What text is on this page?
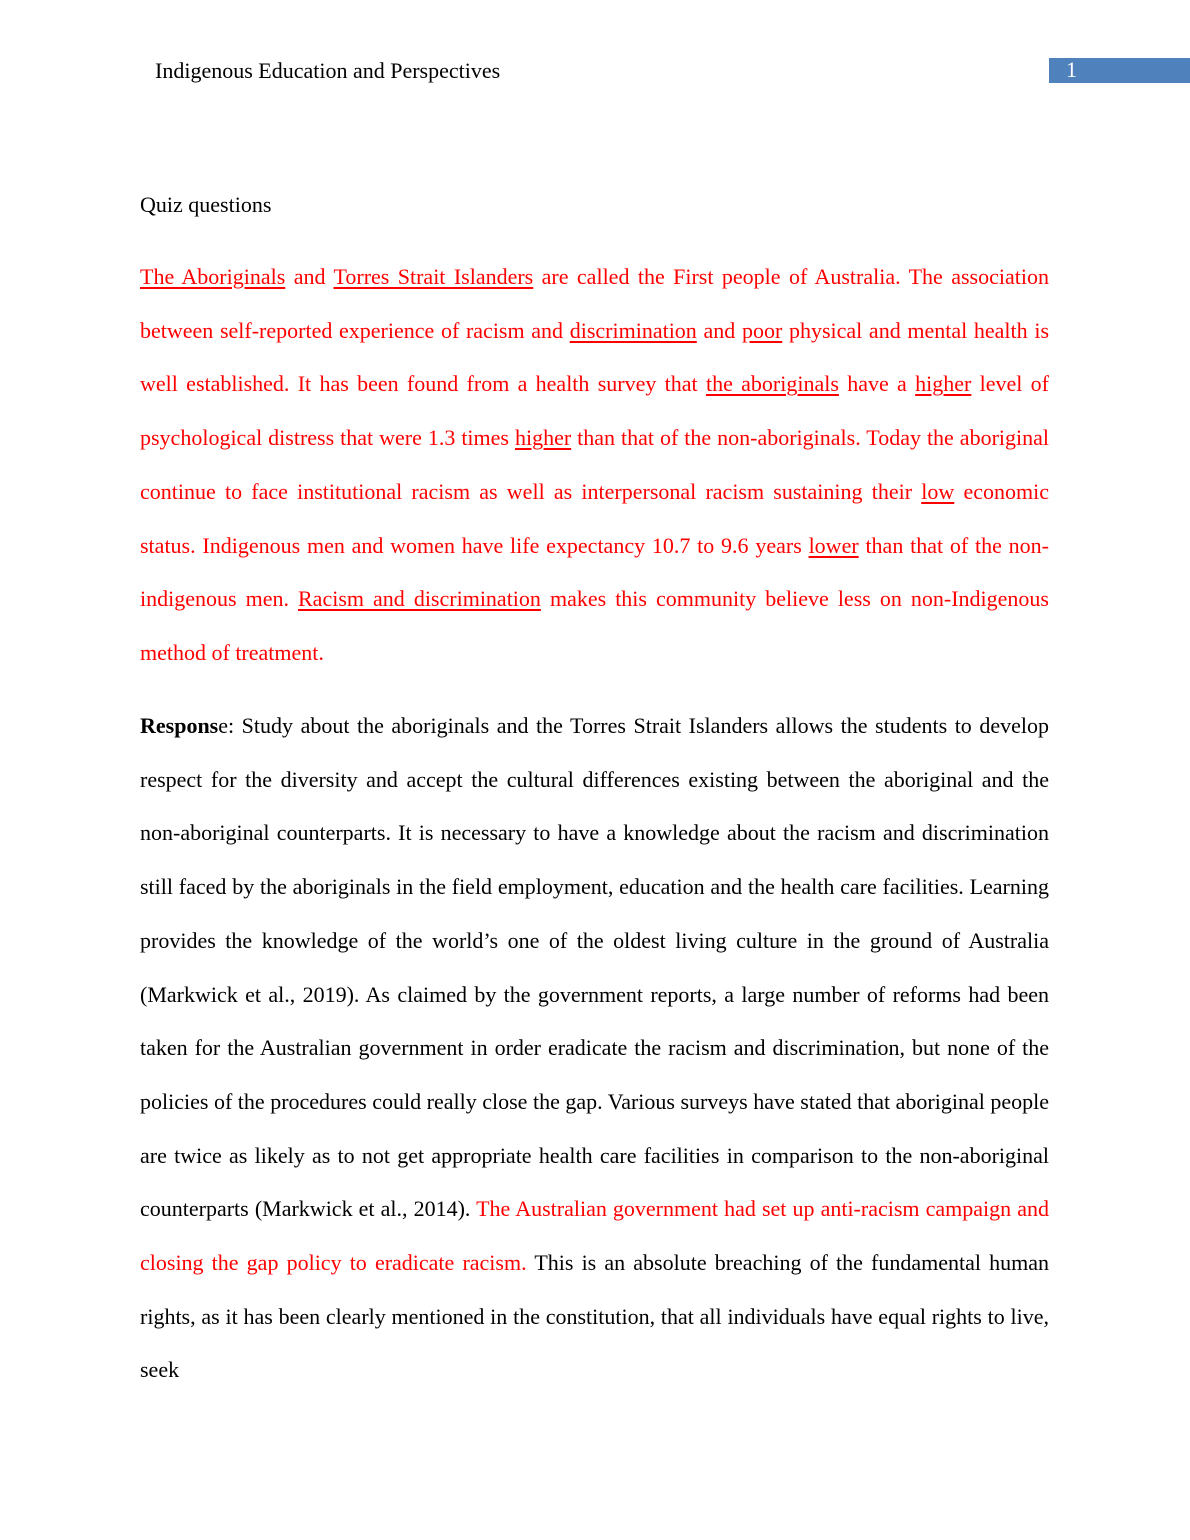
Indigenous Education and Perspectives	1
Quiz questions

The Aboriginals and Torres Strait Islanders are called the First people of Australia. The association between self-reported experience of racism and discrimination and poor physical and mental health is well established. It has been found from a health survey that the aboriginals have a higher level of psychological distress that were 1.3 times higher than that of the non-aboriginals. Today the aboriginal continue to face institutional racism as well as interpersonal racism sustaining their low economic status. Indigenous men and women have life expectancy 10.7 to 9.6 years lower than that of the non-indigenous men. Racism and discrimination makes this community believe less on non-Indigenous method of treatment.

Response: Study about the aboriginals and the Torres Strait Islanders allows the students to develop respect for the diversity and accept the cultural differences existing between the aboriginal and the non-aboriginal counterparts. It is necessary to have a knowledge about the racism and discrimination still faced by the aboriginals in the field employment, education and the health care facilities. Learning provides the knowledge of the world’s one of the oldest living culture in the ground of Australia (Markwick et al., 2019). As claimed by the government reports, a large number of reforms had been taken for the Australian government in order eradicate the racism and discrimination, but none of the policies of the procedures could really close the gap. Various surveys have stated that aboriginal people are twice as likely as to not get appropriate health care facilities in comparison to the non-aboriginal counterparts (Markwick et al., 2014). The Australian government had set up anti-racism campaign and closing the gap policy to eradicate racism. This is an absolute breaching of the fundamental human rights, as it has been clearly mentioned in the constitution, that all individuals have equal rights to live, seek
